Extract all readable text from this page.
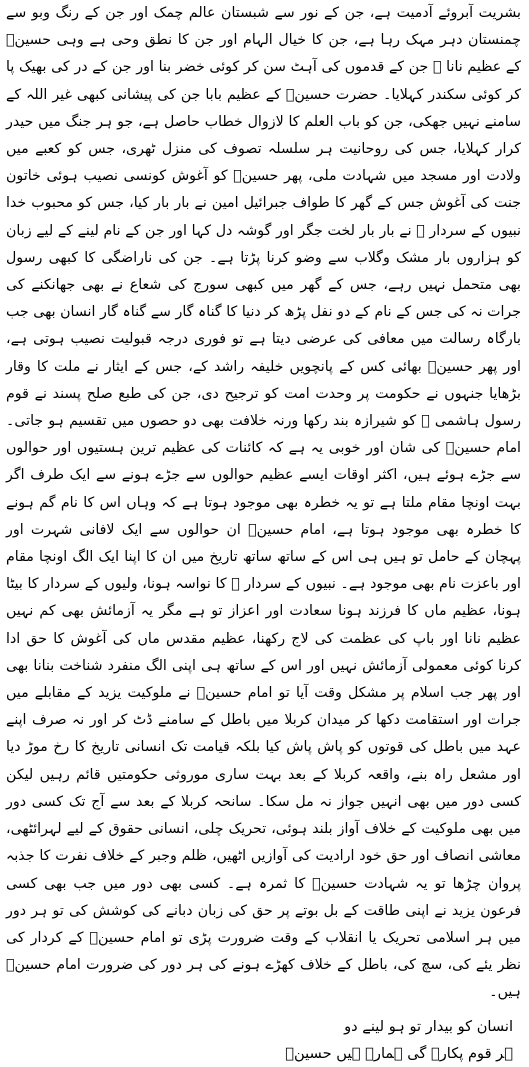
بشریت آبروئے آدمیت ہے، جن کے نور سے شبستان عالم چمک اور جن کے رنگ وبو سے چمنستان دہر مہک رہا ہے، جن کا خیال الہام اور جن کا نطق وحی ہے وہی حسینؑ کے عظیم نانا ﷺ جن کے قدموں کی آہٹ سن کر کوئی خضر بنا اور جن کے در کی بھیک پا کر کوئی سکندر کہلایا۔ حضرت حسینؑ کے عظیم بابا جن کی پیشانی کبھی غیر اللہ کے سامنے نہیں جھکی، جن کو باب العلم کا لازوال خطاب حاصل ہے، جو ہر جنگ میں حیدر کرار کہلایا، جس کی روحانیت ہر سلسلہ تصوف کی منزل ٹھری، جس کو کعبے میں ولادت اور مسجد میں شہادت ملی، پھر حسینؑ کو آغوش کونسی نصیب ہوئی خاتون جنت کی آغوش جس کے گھر کا طواف جبرائیل امین نے بار بار کیا، جس کو محبوب خدا نبیوں کے سردار ﷺ نے بار بار لخت جگر اور گوشہ دل کہا اور جن کے نام لینے کے لیے زبان کو ہزاروں بار مشک وگلاب سے وضو کرنا پڑتا ہے۔ جن کی ناراضگی کا کبھی رسول بھی متحمل نہیں رہے، جس کے گھر میں کبھی سورج کی شعاع نے بھی جھانکنے کی جرات نہ کی جس کے نام کے دو نفل پڑھ کر دنیا کا گناہ گار سے گناہ گار انسان بھی جب بارگاہ رسالت میں معافی کی عرضی دیتا ہے تو فوری درجہ قبولیت نصیب ہوتی ہے، اور پھر حسینؑ بھائی کس کے پانچویں خلیفہ راشد کے، جس کے ایثار نے ملت کا وقار بڑھایا جنہوں نے حکومت پر وحدت امت کو ترجیح دی، جن کی طبع صلح پسند نے قوم رسول ہاشمی ﷺ کو شیرازہ بند رکھا ورنہ خلافت بھی دو حصوں میں تقسیم ہو جاتی۔ امام حسینؑ کی شان اور خوبی یہ ہے کہ کائنات کی عظیم ترین ہستیوں اور حوالوں سے جڑے ہوئے ہیں، اکثر اوقات ایسے عظیم حوالوں سے جڑے ہونے سے ایک طرف اگر بہت اونچا مقام ملتا ہے تو یہ خطرہ بھی موجود ہوتا ہے کہ وہاں اس کا نام گم ہونے کا خطرہ بھی موجود ہوتا ہے، امام حسینؑ ان حوالوں سے ایک لافانی شہرت اور پہچان کے حامل تو ہیں ہی اس کے ساتھ ساتھ تاریخ میں ان کا اپنا ایک الگ اونچا مقام اور باعزت نام بھی موجود ہے۔ نبیوں کے سردار ﷺ کا نواسہ ہونا، ولیوں کے سردار کا بیٹا ہونا، عظیم ماں کا فرزند ہونا سعادت اور اعزاز تو ہے مگر یہ آزمائش بھی کم نہیں عظیم نانا اور باپ کی عظمت کی لاج رکھنا، عظیم مقدس ماں کی آغوش کا حق ادا کرنا کوئی معمولی آزمائش نہیں اور اس کے ساتھ ہی اپنی الگ منفرد شناخت بنانا بھی اور پھر جب اسلام پر مشکل وقت آیا تو امام حسینؑ نے ملوکیت یزید کے مقابلے میں جرات اور استقامت دکھا کر میدان کربلا میں باطل کے سامنے ڈٹ کر اور نہ صرف اپنے عہد میں باطل کی قوتوں کو پاش پاش کیا بلکہ قیامت تک انسانی تاریخ کا رخ موڑ دیا اور مشعل راہ بنے، واقعہ کربلا کے بعد بہت ساری موروثی حکومتیں قائم رہیں لیکن کسی دور میں بھی انہیں جواز نہ مل سکا۔ سانحہ کربلا کے بعد سے آج تک کسی دور میں بھی ملوکیت کے خلاف آواز بلند ہوئی، تحریک چلی، انسانی حقوق کے لیے لہرائٹھی، معاشی انصاف اور حق خود ارادیت کی آوازیں اٹھیں، ظلم وجبر کے خلاف نفرت کا جذبہ پروان چڑھا تو یہ شہادت حسینؑ کا ثمرہ ہے۔ کسی بھی دور میں جب بھی کسی فرعون یزید نے اپنی طاقت کے بل بوتے پر حق کی زبان دبانے کی کوشش کی تو ہر دور میں ہر اسلامی تحریک یا انقلاب کے وقت ضرورت پڑی تو امام حسینؑ کے کردار کی نظر یئے کی، سچ کی، باطل کے خلاف کھڑے ہونے کی ہر دور کی ضرورت امام حسینؑ ہیں۔

انسان کو بیدار تو ہو لینے دو
ہر قوم پکارے گی ہمارے ہیں حسینؑ
